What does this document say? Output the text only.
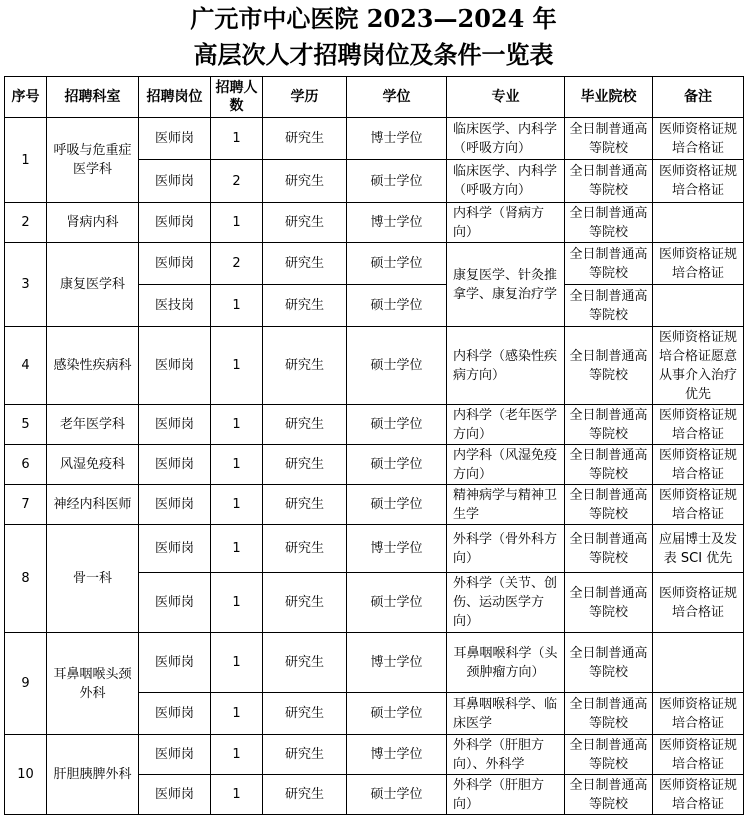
广元市中心医院 2023—2024 年
高层次人才招聘岗位及条件一览表
序号	招聘科室	招聘岗位	招聘人数	学历	学位	专业	毕业院校	备注
1	呼吸与危重症医学科	医师岗	1	研究生	博士学位	临床医学、内科学（呼吸方向）	全日制普通高等院校	医师资格证规培合格证
		医师岗	2	研究生	硕士学位	临床医学、内科学（呼吸方向）	全日制普通高等院校	医师资格证规培合格证
2	肾病内科	医师岗	1	研究生	博士学位	内科学（肾病方向）	全日制普通高等院校	
3	康复医学科	医师岗	2	研究生	硕士学位	康复医学、针灸推拿学、康复治疗学	全日制普通高等院校	医师资格证规培合格证
		医技岗	1	研究生	硕士学位		全日制普通高等院校	
4	感染性疾病科	医师岗	1	研究生	硕士学位	内科学（感染性疾病方向）	全日制普通高等院校	医师资格证规培合格证愿意从事介入治疗优先
5	老年医学科	医师岗	1	研究生	硕士学位	内科学（老年医学方向）	全日制普通高等院校	医师资格证规培合格证
6	风湿免疫科	医师岗	1	研究生	硕士学位	内学科（风湿免疫方向）	全日制普通高等院校	医师资格证规培合格证
7	神经内科医师	医师岗	1	研究生	硕士学位	精神病学与精神卫生学	全日制普通高等院校	医师资格证规培合格证
8	骨一科	医师岗	1	研究生	博士学位	外科学（骨外科方向）	全日制普通高等院校	应届博士及发表 SCI 优先
		医师岗	1	研究生	硕士学位	外科学（关节、创伤、运动医学方向）	全日制普通高等院校	医师资格证规培合格证
9	耳鼻咽喉头颈外科	医师岗	1	研究生	博士学位	耳鼻咽喉科学（头颈肿瘤方向）	全日制普通高等院校	
		医师岗	1	研究生	硕士学位	耳鼻咽喉科学、临床医学	全日制普通高等院校	医师资格证规培合格证
10	肝胆胰脾外科	医师岗	1	研究生	博士学位	外科学（肝胆方向）、外科学	全日制普通高等院校	医师资格证规培合格证
		医师岗	1	研究生	硕士学位	外科学（肝胆方向）	全日制普通高等院校	医师资格证规培合格证
